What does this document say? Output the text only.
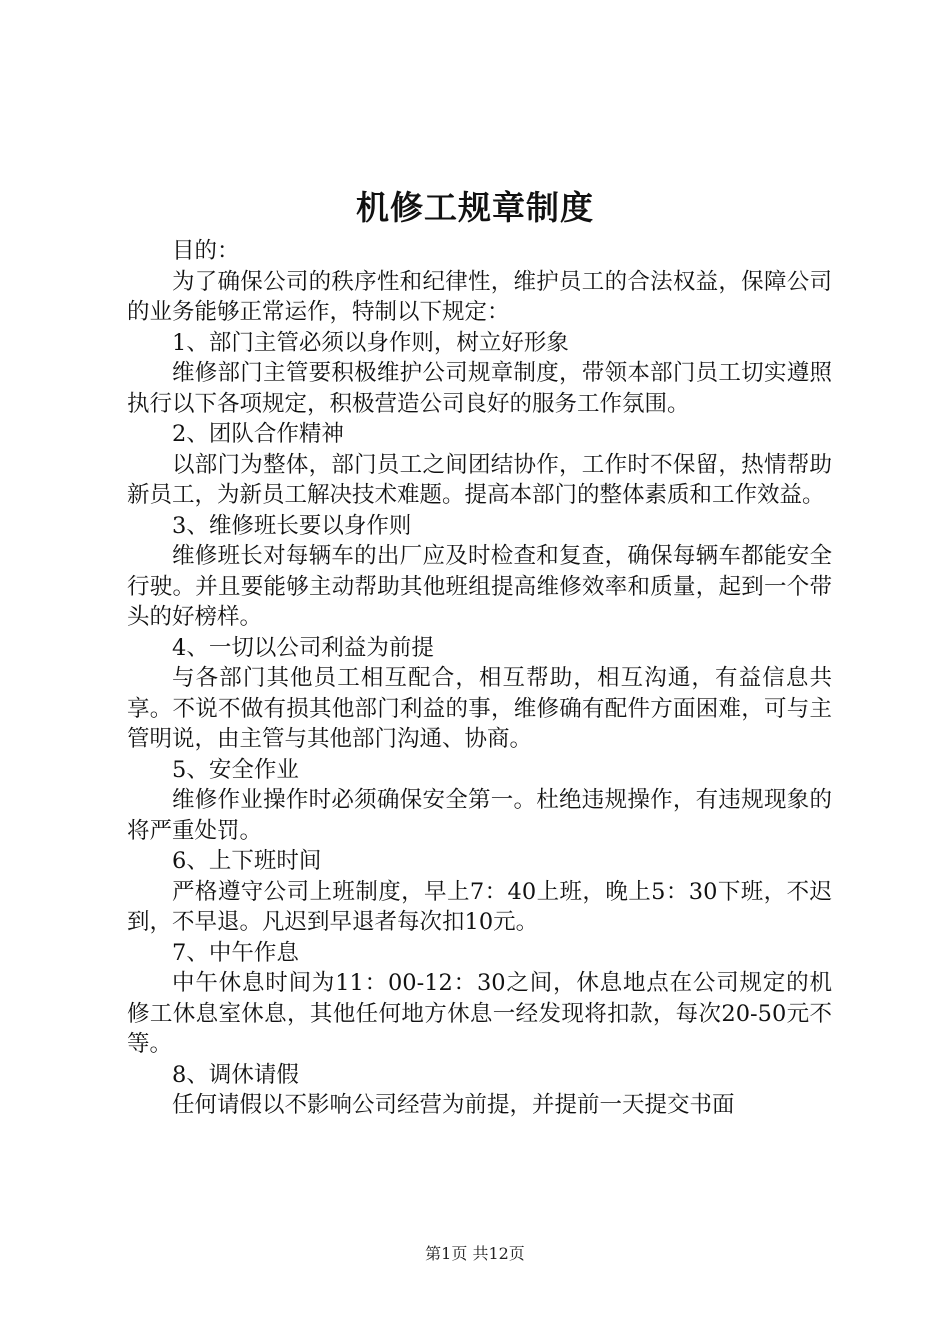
机修工规章制度

目的：

为了确保公司的秩序性和纪律性，维护员工的合法权益，保障公司的业务能够正常运作，特制以下规定：

1、部门主管必须以身作则，树立好形象

维修部门主管要积极维护公司规章制度，带领本部门员工切实遵照执行以下各项规定，积极营造公司良好的服务工作氛围。

2、团队合作精神

以部门为整体，部门员工之间团结协作，工作时不保留，热情帮助新员工，为新员工解决技术难题。提高本部门的整体素质和工作效益。

3、维修班长要以身作则

维修班长对每辆车的出厂应及时检查和复查，确保每辆车都能安全行驶。并且要能够主动帮助其他班组提高维修效率和质量，起到一个带头的好榜样。

4、一切以公司利益为前提

与各部门其他员工相互配合，相互帮助，相互沟通，有益信息共享。不说不做有损其他部门利益的事，维修确有配件方面困难，可与主管明说，由主管与其他部门沟通、协商。

5、安全作业

维修作业操作时必须确保安全第一。杜绝违规操作，有违规现象的将严重处罚。

6、上下班时间

严格遵守公司上班制度，早上7：40上班，晚上5：30下班，不迟到，不早退。凡迟到早退者每次扣10元。

7、中午作息

中午休息时间为11：00-12：30之间，休息地点在公司规定的机修工休息室休息，其他任何地方休息一经发现将扣款，每次20-50元不等。

8、调休请假

任何请假以不影响公司经营为前提，并提前一天提交书面

第1页 共12页
